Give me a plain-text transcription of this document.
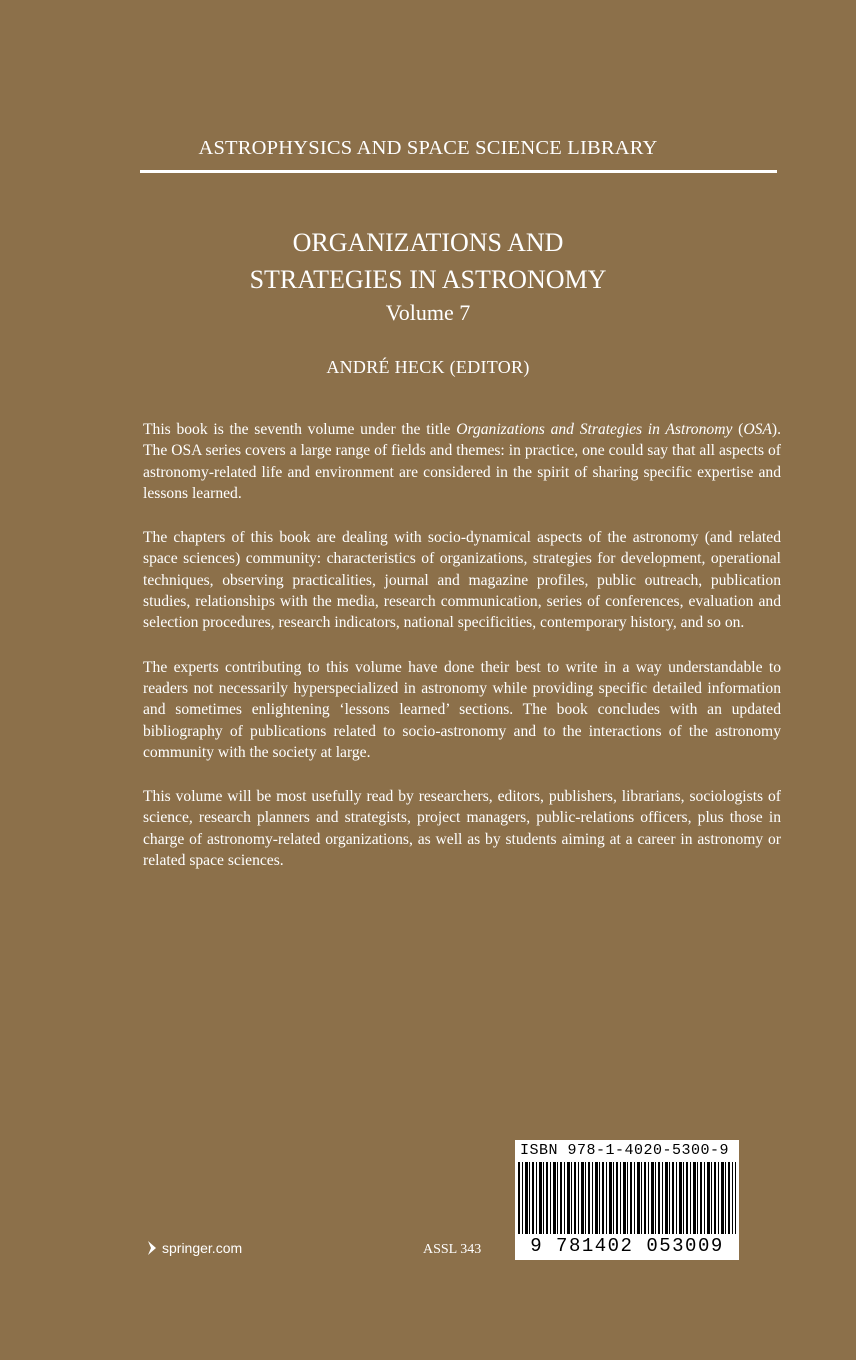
ASTROPHYSICS AND SPACE SCIENCE LIBRARY
ORGANIZATIONS AND
STRATEGIES IN ASTRONOMY
Volume 7
ANDRÉ HECK (EDITOR)

This book is the seventh volume under the title Organizations and Strategies in Astronomy (OSA). The OSA series covers a large range of fields and themes: in practice, one could say that all aspects of astronomy-related life and environment are considered in the spirit of sharing specific expertise and lessons learned.

The chapters of this book are dealing with socio-dynamical aspects of the astronomy (and related space sciences) community: characteristics of organizations, strategies for development, operational techniques, observing practicalities, journal and magazine profiles, public outreach, publication studies, relationships with the media, research communication, series of conferences, evaluation and selection procedures, research indicators, national specificities, contemporary history, and so on.

The experts contributing to this volume have done their best to write in a way understandable to readers not necessarily hyperspecialized in astronomy while providing specific detailed information and sometimes enlightening ‘lessons learned’ sections. The book concludes with an updated bibliography of publications related to socio-astronomy and to the interactions of the astronomy community with the society at large.

This volume will be most usefully read by researchers, editors, publishers, librarians, sociologists of science, research planners and strategists, project managers, public-relations officers, plus those in charge of astronomy-related organizations, as well as by students aiming at a career in astronomy or related space sciences.

springer.com	ASSL 343
ISBN 978-1-4020-5300-9
9 781402 053009
